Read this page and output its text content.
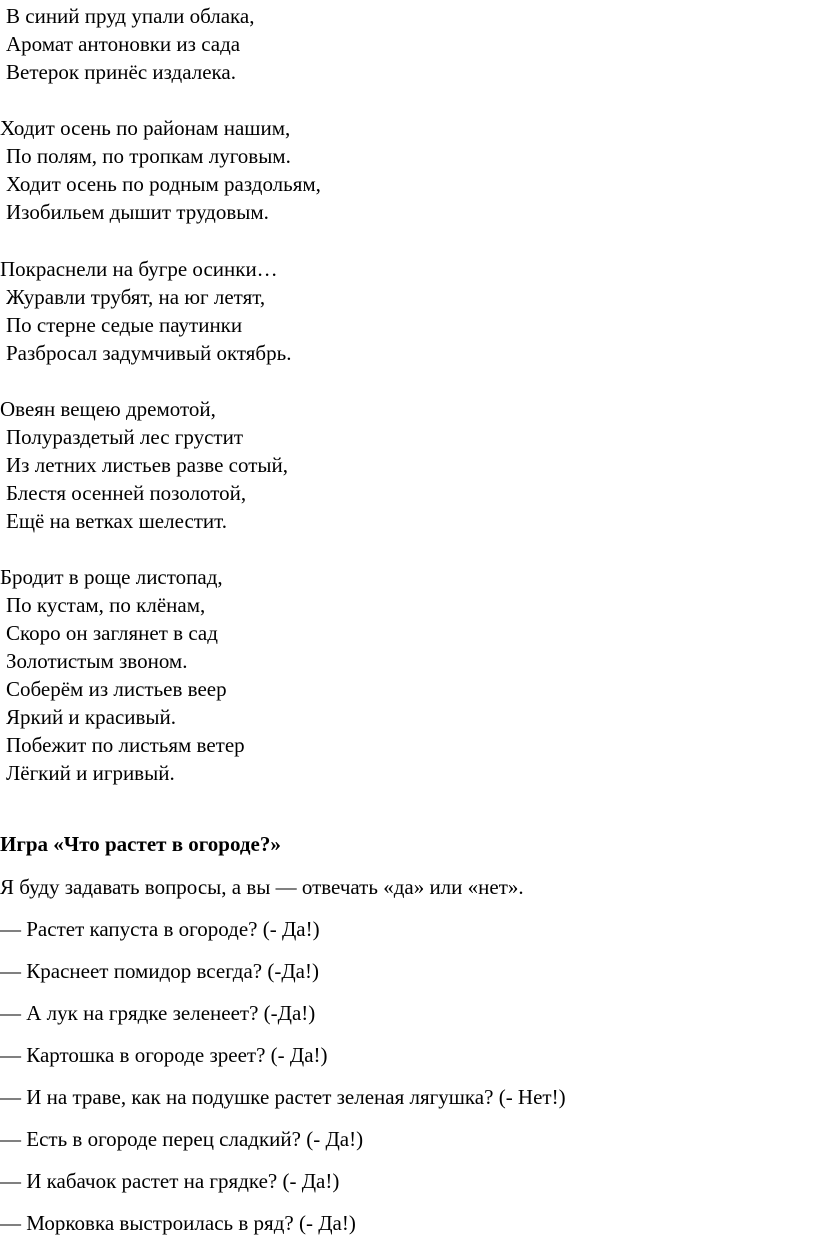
В синий пруд упали облака,
Аромат антоновки из сада
Ветерок принёс издалека.
Ходит осень по районам нашим,
По полям, по тропкам луговым.
Ходит осень по родным раздольям,
Изобильем дышит трудовым.
Покраснели на бугре осинки…
Журавли трубят, на юг летят,
По стерне седые паутинки
Разбросал задумчивый октябрь.
Овеян вещею дремотой,
Полураздетый лес грустит
Из летних листьев разве сотый,
Блестя осенней позолотой,
Ещё на ветках шелестит.
Бродит в роще листопад,
По кустам, по клёнам,
Скоро он заглянет в сад
Золотистым звоном.
Соберём из листьев веер
Яркий и красивый.
Побежит по листьям ветер
Лёгкий и игривый.
Игра «Что растет в огороде?»
Я буду задавать вопросы, а вы — отвечать «да» или «нет».
— Растет капуста в огороде? (- Да!)
— Краснеет помидор всегда? (-Да!)
— А лук на грядке зеленеет? (-Да!)
— Картошка в огороде зреет? (- Да!)
— И на траве, как на подушке растет зеленая лягушка? (- Нет!)
— Есть в огороде перец сладкий? (- Да!)
— И кабачок растет на грядке? (- Да!)
— Морковка выстроилась в ряд? (- Да!)
